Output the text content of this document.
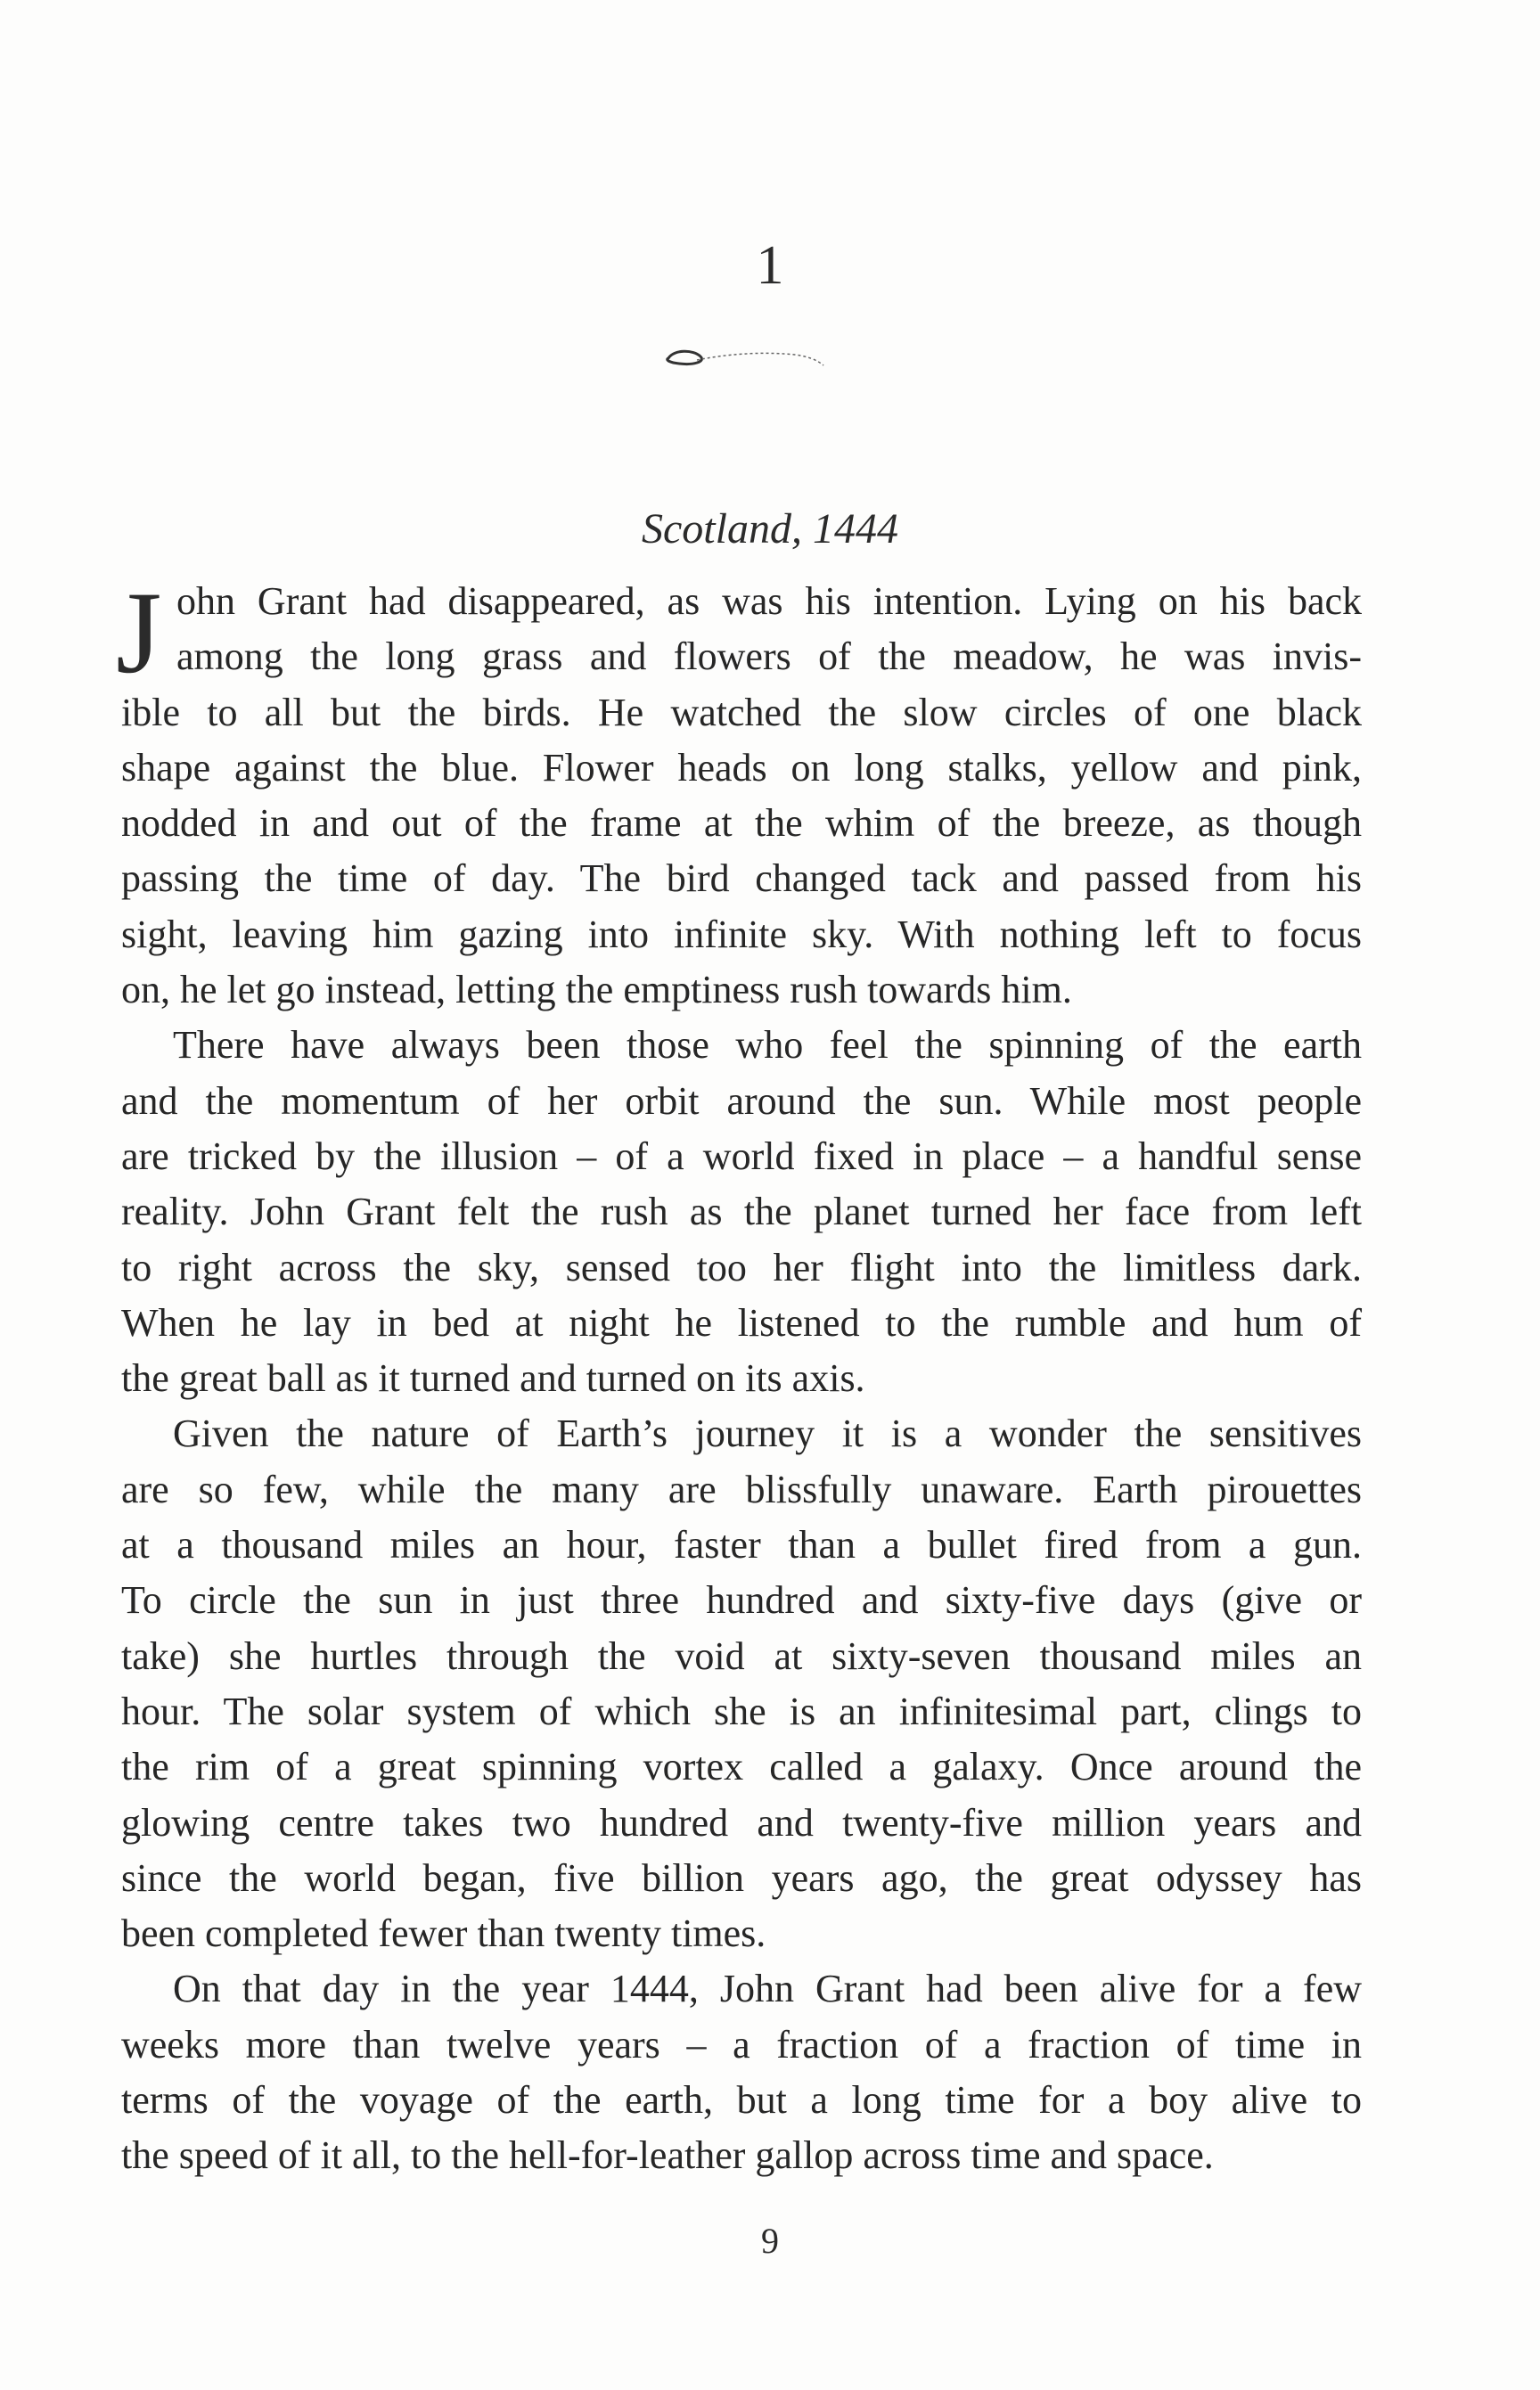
1
Scotland, 1444
J ohn Grant had disappeared, as was his intention. Lying on his back
among the long grass and flowers of the meadow, he was invis-
ible to all but the birds. He watched the slow circles of one black
shape against the blue. Flower heads on long stalks, yellow and pink,
nodded in and out of the frame at the whim of the breeze, as though
passing the time of day. The bird changed tack and passed from his
sight, leaving him gazing into infinite sky. With nothing left to focus
on, he let go instead, letting the emptiness rush towards him.
There have always been those who feel the spinning of the earth
and the momentum of her orbit around the sun. While most people
are tricked by the illusion – of a world fixed in place – a handful sense
reality. John Grant felt the rush as the planet turned her face from left
to right across the sky, sensed too her flight into the limitless dark.
When he lay in bed at night he listened to the rumble and hum of
the great ball as it turned and turned on its axis.
Given the nature of Earth’s journey it is a wonder the sensitives
are so few, while the many are blissfully unaware. Earth pirouettes
at a thousand miles an hour, faster than a bullet fired from a gun.
To circle the sun in just three hundred and sixty-five days (give or
take) she hurtles through the void at sixty-seven thousand miles an
hour. The solar system of which she is an infinitesimal part, clings to
the rim of a great spinning vortex called a galaxy. Once around the
glowing centre takes two hundred and twenty-five million years and
since the world began, five billion years ago, the great odyssey has
been completed fewer than twenty times.
On that day in the year 1444, John Grant had been alive for a few
weeks more than twelve years – a fraction of a fraction of time in
terms of the voyage of the earth, but a long time for a boy alive to
the speed of it all, to the hell-for-leather gallop across time and space.
9
